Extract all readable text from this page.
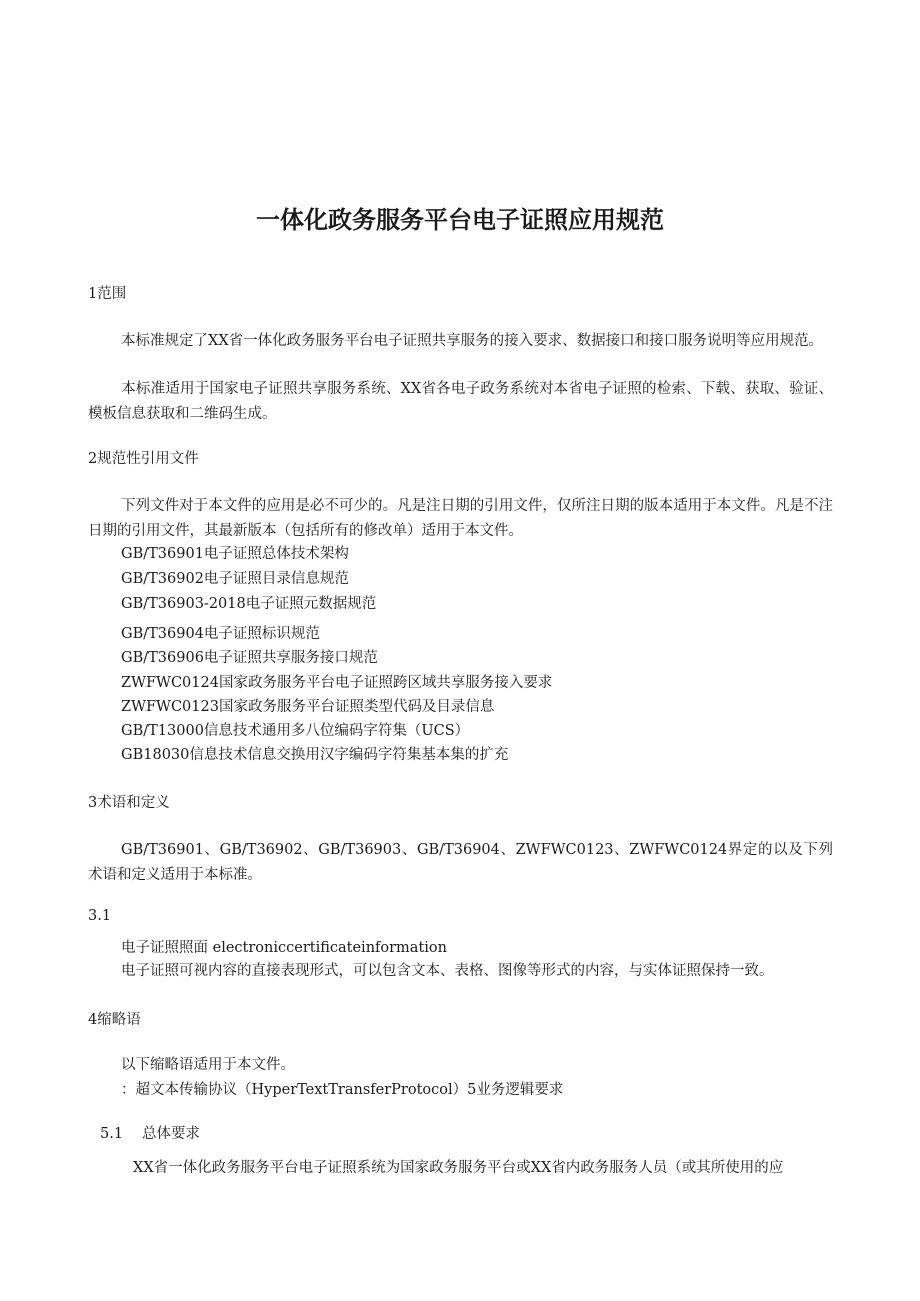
一体化政务服务平台电子证照应用规范
1范围
本标准规定了XX省一体化政务服务平台电子证照共享服务的接入要求、数据接口和接口服务说明等应用规范。
本标准适用于国家电子证照共享服务系统、XX省各电子政务系统对本省电子证照的检索、下载、获取、验证、模板信息获取和二维码生成。
2规范性引用文件
下列文件对于本文件的应用是必不可少的。凡是注日期的引用文件，仅所注日期的版本适用于本文件。凡是不注日期的引用文件，其最新版本（包括所有的修改单）适用于本文件。
GB/T36901电子证照总体技术架构
GB/T36902电子证照目录信息规范
GB/T36903-2018电子证照元数据规范
GB/T36904电子证照标识规范
GB/T36906电子证照共享服务接口规范
ZWFWC0124国家政务服务平台电子证照跨区域共享服务接入要求
ZWFWC0123国家政务服务平台证照类型代码及目录信息
GB/T13000信息技术通用多八位编码字符集（UCS）
GB18030信息技术信息交换用汉字编码字符集基本集的扩充
3术语和定义
GB/T36901、GB/T36902、GB/T36903、GB/T36904、ZWFWC0123、ZWFWC0124界定的以及下列术语和定义适用于本标准。
3.1
电子证照照面 electroniccertificateinformation
电子证照可视内容的直接表现形式，可以包含文本、表格、图像等形式的内容，与实体证照保持一致。
4缩略语
以下缩略语适用于本文件。
：超文本传输协议（HyperTextTransferProtocol）5业务逻辑要求
5.1 总体要求
XX省一体化政务服务平台电子证照系统为国家政务服务平台或XX省内政务服务人员（或其所使用的应
